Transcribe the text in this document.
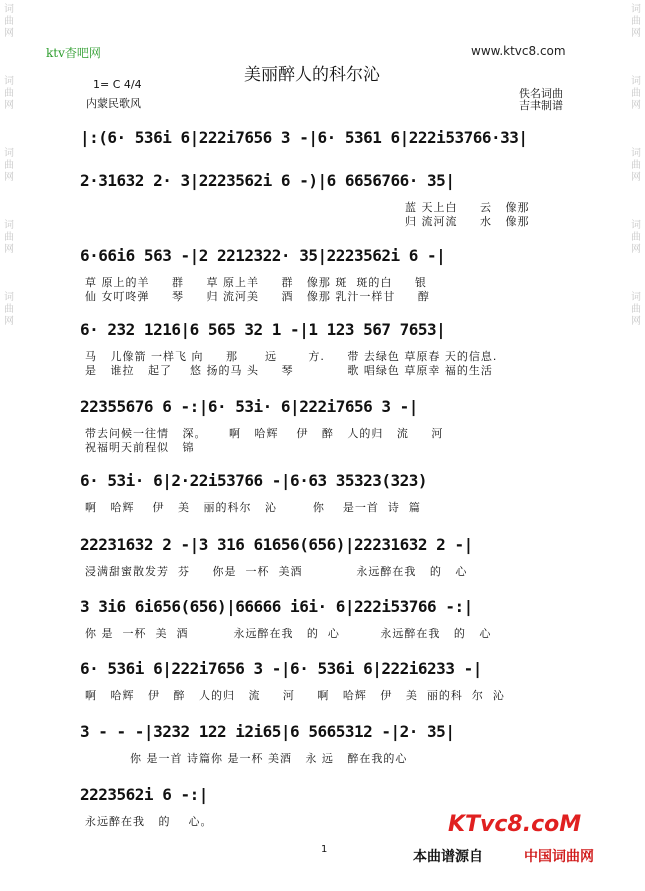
词
曲
网
词
曲
网
词
曲
网
词
曲
网
词
曲
网
词
曲
网
词
曲
网
词
曲
网
词
曲
网
词
曲
网
ktv杳吧网	www.ktvc8.com
美丽醉人的科尔沁
1= C 4/4
内蒙民歌风
佚名词曲
吉聿制谱
|:(6· 536i 6|222i7656 3 -|6· 5361 6|222i53766·33|
2·31632 2· 3|2223562i 6 -)|6 6656766· 35|
蓝 天上白     云   像那
归 流河流     水   像那
6·66i6 563 -|2 2212322· 35|2223562i 6 -|
草 原上的羊     群     草 原上羊     群   像那 斑  斑的白     银
仙 女叮咚弹     琴     归 流河美     酒   像那 乳汁一样甘     醇
6· 232 1216|6 565 32 1 -|1 123 567 7653|
马   儿像箭 一样飞 向     那      远       方.     带 去绿色 草原春 天的信息.
是   谁拉   起了    悠 扬的马 头     琴            歌 唱绿色 草原幸 福的生活
22355676 6 -:|6· 53i· 6|222i7656 3 -|
带去问候一往情   深。     啊   哈辉    伊   醉   人的归   流     河
祝福明天前程似   锦
6· 53i· 6|2·22i53766 -|6·63 35323(323)
啊   哈辉    伊   美   丽的科尔   沁        你    是一首  诗  篇
22231632 2 -|3 316 61656(656)|22231632 2 -|
浸满甜蜜散发芳  芬     你是  一杯  美酒            永远醉在我   的   心
3 3i6 6i656(656)|66666 i6i· 6|222i53766 -:|
你 是  一杯  美  酒          永远醉在我   的  心         永远醉在我   的   心
6· 536i 6|222i7656 3 -|6· 536i 6|222i6233 -|
啊   哈辉   伊   醉   人的归   流     河     啊   哈辉   伊   美  丽的科  尔  沁
3 - - -|3232 122 i2i65|6 5665312 -|2· 35|
你 是一首 诗篇你 是一杯 美酒   永 远   醉在我的心
2223562i 6 -:|
永远醉在我   的    心。	KTvc8.coM
1	本曲谱源自	中国词曲网
